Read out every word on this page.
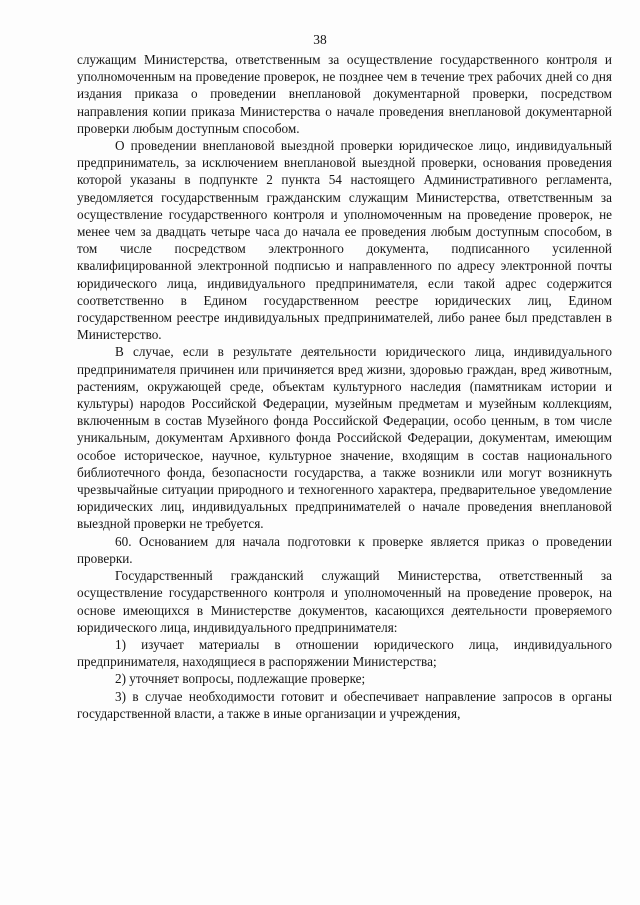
38

служащим Министерства, ответственным за осуществление государственного контроля и уполномоченным на проведение проверок, не позднее чем в течение трех рабочих дней со дня издания приказа о проведении внеплановой документарной проверки, посредством направления копии приказа Министерства о начале проведения внеплановой документарной проверки любым доступным способом.

О проведении внеплановой выездной проверки юридическое лицо, индивидуальный предприниматель, за исключением внеплановой выездной проверки, основания проведения которой указаны в подпункте 2 пункта 54 настоящего Административного регламента, уведомляется государственным гражданским служащим Министерства, ответственным за осуществление государственного контроля и уполномоченным на проведение проверок, не менее чем за двадцать четыре часа до начала ее проведения любым доступным способом, в том числе посредством электронного документа, подписанного усиленной квалифицированной электронной подписью и направленного по адресу электронной почты юридического лица, индивидуального предпринимателя, если такой адрес содержится соответственно в Едином государственном реестре юридических лиц, Едином государственном реестре индивидуальных предпринимателей, либо ранее был представлен в Министерство.

В случае, если в результате деятельности юридического лица, индивидуального предпринимателя причинен или причиняется вред жизни, здоровью граждан, вред животным, растениям, окружающей среде, объектам культурного наследия (памятникам истории и культуры) народов Российской Федерации, музейным предметам и музейным коллекциям, включенным в состав Музейного фонда Российской Федерации, особо ценным, в том числе уникальным, документам Архивного фонда Российской Федерации, документам, имеющим особое историческое, научное, культурное значение, входящим в состав национального библиотечного фонда, безопасности государства, а также возникли или могут возникнуть чрезвычайные ситуации природного и техногенного характера, предварительное уведомление юридических лиц, индивидуальных предпринимателей о начале проведения внеплановой выездной проверки не требуется.

60. Основанием для начала подготовки к проверке является приказ о проведении проверки.

Государственный гражданский служащий Министерства, ответственный за осуществление государственного контроля и уполномоченный на проведение проверок, на основе имеющихся в Министерстве документов, касающихся деятельности проверяемого юридического лица, индивидуального предпринимателя:

1) изучает материалы в отношении юридического лица, индивидуального предпринимателя, находящиеся в распоряжении Министерства;

2) уточняет вопросы, подлежащие проверке;

3) в случае необходимости готовит и обеспечивает направление запросов в органы государственной власти, а также в иные организации и учреждения,
